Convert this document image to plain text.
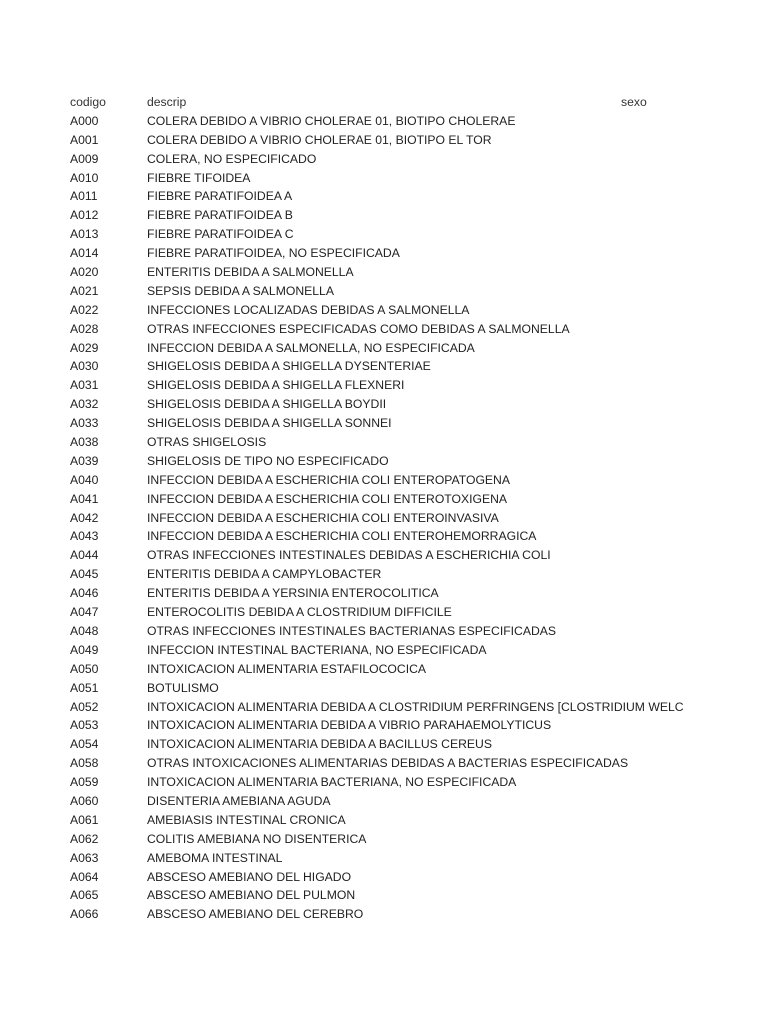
codigo	descrip	sexo
A000	COLERA DEBIDO A VIBRIO CHOLERAE 01, BIOTIPO CHOLERAE
A001	COLERA DEBIDO A VIBRIO CHOLERAE 01, BIOTIPO EL TOR
A009	COLERA, NO ESPECIFICADO
A010	FIEBRE TIFOIDEA
A011	FIEBRE PARATIFOIDEA A
A012	FIEBRE PARATIFOIDEA B
A013	FIEBRE PARATIFOIDEA C
A014	FIEBRE PARATIFOIDEA, NO ESPECIFICADA
A020	ENTERITIS DEBIDA A SALMONELLA
A021	SEPSIS DEBIDA A SALMONELLA
A022	INFECCIONES LOCALIZADAS DEBIDAS A SALMONELLA
A028	OTRAS INFECCIONES ESPECIFICADAS COMO DEBIDAS A SALMONELLA
A029	INFECCION DEBIDA A SALMONELLA, NO ESPECIFICADA
A030	SHIGELOSIS DEBIDA A SHIGELLA DYSENTERIAE
A031	SHIGELOSIS DEBIDA A SHIGELLA FLEXNERI
A032	SHIGELOSIS DEBIDA A SHIGELLA BOYDII
A033	SHIGELOSIS DEBIDA A SHIGELLA SONNEI
A038	OTRAS SHIGELOSIS
A039	SHIGELOSIS DE TIPO NO ESPECIFICADO
A040	INFECCION DEBIDA A ESCHERICHIA COLI ENTEROPATOGENA
A041	INFECCION DEBIDA A ESCHERICHIA COLI ENTEROTOXIGENA
A042	INFECCION DEBIDA A ESCHERICHIA COLI ENTEROINVASIVA
A043	INFECCION DEBIDA A ESCHERICHIA COLI ENTEROHEMORRAGICA
A044	OTRAS INFECCIONES INTESTINALES DEBIDAS A ESCHERICHIA COLI
A045	ENTERITIS DEBIDA A CAMPYLOBACTER
A046	ENTERITIS DEBIDA A YERSINIA ENTEROCOLITICA
A047	ENTEROCOLITIS DEBIDA A CLOSTRIDIUM DIFFICILE
A048	OTRAS INFECCIONES INTESTINALES BACTERIANAS ESPECIFICADAS
A049	INFECCION INTESTINAL BACTERIANA, NO ESPECIFICADA
A050	INTOXICACION ALIMENTARIA ESTAFILOCOCICA
A051	BOTULISMO
A052	INTOXICACION ALIMENTARIA DEBIDA A CLOSTRIDIUM PERFRINGENS [CLOSTRIDIUM WELC
A053	INTOXICACION ALIMENTARIA DEBIDA A VIBRIO PARAHAEMOLYTICUS
A054	INTOXICACION ALIMENTARIA DEBIDA A BACILLUS CEREUS
A058	OTRAS INTOXICACIONES ALIMENTARIAS DEBIDAS A BACTERIAS ESPECIFICADAS
A059	INTOXICACION ALIMENTARIA BACTERIANA, NO ESPECIFICADA
A060	DISENTERIA AMEBIANA AGUDA
A061	AMEBIASIS INTESTINAL CRONICA
A062	COLITIS AMEBIANA NO DISENTERICA
A063	AMEBOMA INTESTINAL
A064	ABSCESO AMEBIANO DEL HIGADO
A065	ABSCESO AMEBIANO DEL PULMON
A066	ABSCESO AMEBIANO DEL CEREBRO
